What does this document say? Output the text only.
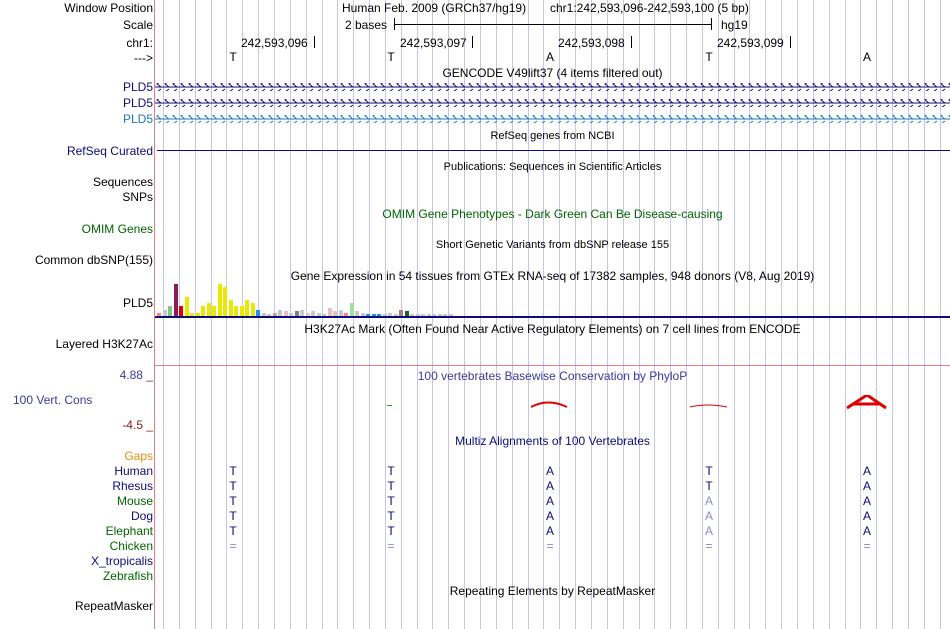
Window Position	Human Feb. 2009 (GRCh37/hg19) chr1:242,593,096-242,593,100 (5 bp)
Scale	2 bases	hg19
chr1:	242,593,096	242,593,097	242,593,098	242,593,099
--->	T	T	A	T	A
GENCODE V49lift37 (4 items filtered out)
PLD5
PLD5
PLD5
RefSeq genes from NCBI
RefSeq Curated
Publications: Sequences in Scientific Articles
Sequences
SNPs
OMIM Gene Phenotypes - Dark Green Can Be Disease-causing
OMIM Genes
Short Genetic Variants from dbSNP release 155
Common dbSNP(155)
Gene Expression in 54 tissues from GTEx RNA-seq of 17382 samples, 948 donors (V8, Aug 2019)
PLD5
H3K27Ac Mark (Often Found Near Active Regulatory Elements) on 7 cell lines from ENCODE
Layered H3K27Ac
4.88 _	100 vertebrates Basewise Conservation by PhyloP
100 Vert. Cons
-4.5 _
Multiz Alignments of 100 Vertebrates
Gaps
Human	T	T	A	T	A
Rhesus	T	T	A	T	A
Mouse	T	T	A	A	A
Dog	T	T	A	A	A
Elephant	T	T	A	A	A
Chicken	=	=	=	=	=
X_tropicalis
Zebrafish
Repeating Elements by RepeatMasker
RepeatMasker
